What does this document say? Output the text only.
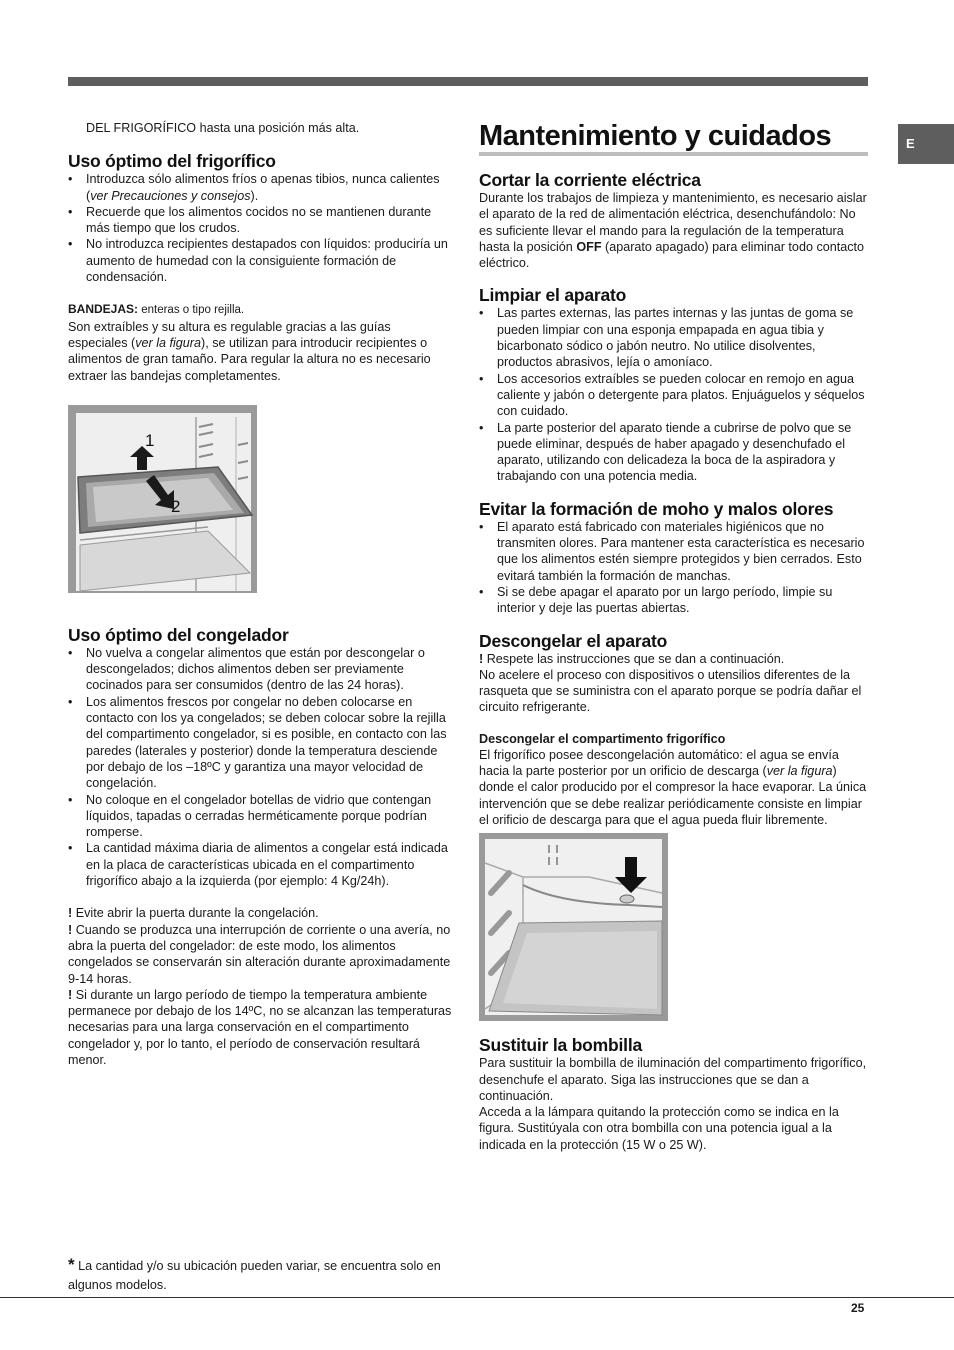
E

DEL FRIGORÍFICO hasta una posición más alta.

Uso óptimo del frigorífico
• Introduzca sólo alimentos fríos o apenas tibios, nunca calientes (ver Precauciones y consejos).
• Recuerde que los alimentos cocidos no se mantienen durante más tiempo que los crudos.
• No introduzca recipientes destapados con líquidos: produciría un aumento de humedad con la consiguiente formación de condensación.

BANDEJAS: enteras o tipo rejilla.

Son extraíbles y su altura es regulable gracias a las guías especiales (ver la figura), se utilizan para introducir recipientes o alimentos de gran tamaño. Para regular la altura no es necesario extraer las bandejas completamentes.

1
2
Uso óptimo del congelador
• No vuelva a congelar alimentos que están por descongelar o descongelados; dichos alimentos deben ser previamente cocinados para ser consumidos (dentro de las 24 horas).
• Los alimentos frescos por congelar no deben colocarse en contacto con los ya congelados; se deben colocar sobre la rejilla del compartimento congelador, si es posible, en contacto con las paredes (laterales y posterior) donde la temperatura desciende por debajo de los –18ºC y garantiza una mayor velocidad de congelación.
• No coloque en el congelador botellas de vidrio que contengan líquidos, tapadas o cerradas herméticamente porque podrían romperse.
• La cantidad máxima diaria de alimentos a congelar está indicada en la placa de características ubicada en el compartimento frigorífico abajo a la izquierda (por ejemplo: 4 Kg/24h).

! Evite abrir la puerta durante la congelación.

! Cuando se produzca una interrupción de corriente o una avería, no abra la puerta del congelador: de este modo, los alimentos congelados se conservarán sin alteración durante aproximadamente 9-14 horas.

! Si durante un largo período de tiempo la temperatura ambiente permanece por debajo de los 14ºC, no se alcanzan las temperaturas necesarias para una larga conservación en el compartimento congelador y, por lo tanto, el período de conservación resultará menor.

Mantenimiento y cuidados
Cortar la corriente eléctrica

Durante los trabajos de limpieza y mantenimiento, es necesario aislar el aparato de la red de alimentación eléctrica, desenchufándolo: No es suficiente llevar el mando para la regulación de la temperatura hasta la posición OFF (aparato apagado) para eliminar todo contacto eléctrico.

Limpiar el aparato
• Las partes externas, las partes internas y las juntas de goma se pueden limpiar con una esponja empapada en agua tibia y bicarbonato sódico o jabón neutro. No utilice disolventes, productos abrasivos, lejía o amoníaco.
• Los accesorios extraíbles se pueden colocar en remojo en agua caliente y jabón o detergente para platos. Enjuáguelos y séquelos con cuidado.
• La parte posterior del aparato tiende a cubrirse de polvo que se puede eliminar, después de haber apagado y desenchufado el aparato, utilizando con delicadeza la boca de la aspiradora y trabajando con una potencia media.
Evitar la formación de moho y malos olores
• El aparato está fabricado con materiales higiénicos que no transmiten olores. Para mantener esta característica es necesario que los alimentos estén siempre protegidos y bien cerrados. Esto evitará también la formación de manchas.
• Si se debe apagar el aparato por un largo período, limpie su interior y deje las puertas abiertas.
Descongelar el aparato

! Respete las instrucciones que se dan a continuación.

No acelere el proceso con dispositivos o utensilios diferentes de la rasqueta que se suministra con el aparato porque se podría dañar el circuito refrigerante.

Descongelar el compartimento frigorífico

El frigorífico posee descongelación automático: el agua se envía hacia la parte posterior por un orificio de descarga (ver la figura) donde el calor producido por el compresor la hace evaporar. La única intervención que se debe realizar periódicamente consiste en limpiar el orificio de descarga para que el agua pueda fluir libremente.

Sustituir la bombilla

Para sustituir la bombilla de iluminación del compartimento frigorífico, desenchufe el aparato. Siga las instrucciones que se dan a continuación.

Acceda a la lámpara quitando la protección como se indica en la figura. Sustitúyala con otra bombilla con una potencia igual a la indicada en la protección (15 W o 25 W).

* La cantidad y/o su ubicación pueden variar, se encuentra solo en algunos modelos.
25
